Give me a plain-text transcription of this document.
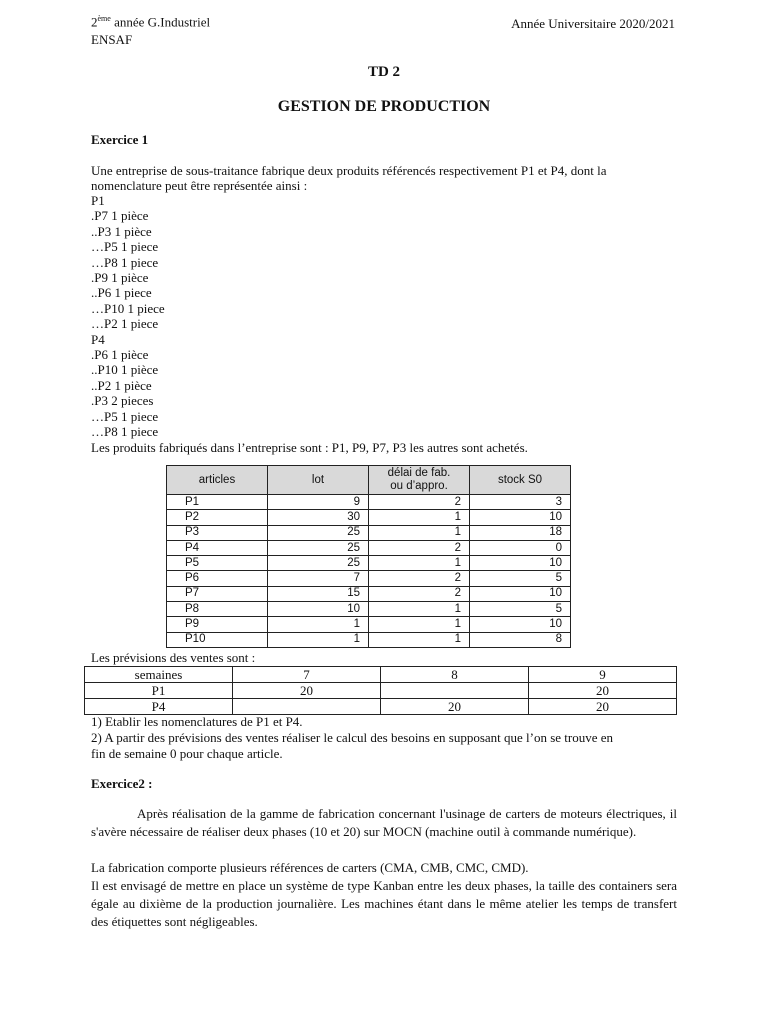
2ème année G.Industriel
ENSAF
Année Universitaire 2020/2021
TD 2
GESTION DE PRODUCTION
Exercice 1
Une entreprise de sous-traitance fabrique deux produits référencés respectivement P1 et P4, dont la
nomenclature peut être représentée ainsi :
P1
.P7 1 pièce
..P3 1 pièce
…P5 1 piece
…P8 1 piece
.P9 1 pièce
..P6 1 piece
…P10 1 piece
…P2 1 piece
P4
.P6 1 pièce
..P10 1 pièce
..P2 1 pièce
.P3 2 pieces
…P5 1 piece
…P8 1 piece
Les produits fabriqués dans l’entreprise sont : P1, P9, P7, P3 les autres sont achetés.
articles	lot	délai de fab.
ou d’appro.	stock S0
P1	9	2	3
P2	30	1	10
P3	25	1	18
P4	25	2	0
P5	25	1	10
P6	7	2	5
P7	15	2	10
P8	10	1	5
P9	1	1	10
P10	1	1	8
Les prévisions des ventes sont :
semaines	7	8	9
P1	20		20
P4		20	20
1) Etablir les nomenclatures de P1 et P4.
2) A partir des prévisions des ventes réaliser le calcul des besoins en supposant que l’on se trouve en
fin de semaine 0 pour chaque article.
Exercice2 :
Après réalisation de la gamme de fabrication concernant l'usinage de carters de moteurs électriques, il s'avère nécessaire de réaliser deux phases (10 et 20) sur MOCN (machine outil à commande numérique).
La fabrication comporte plusieurs références de carters (CMA, CMB, CMC, CMD).
Il est envisagé de mettre en place un système de type Kanban entre les deux phases, la taille des containers sera égale au dixième de la production journalière. Les machines étant dans le même atelier les temps de transfert des étiquettes sont négligeables.
